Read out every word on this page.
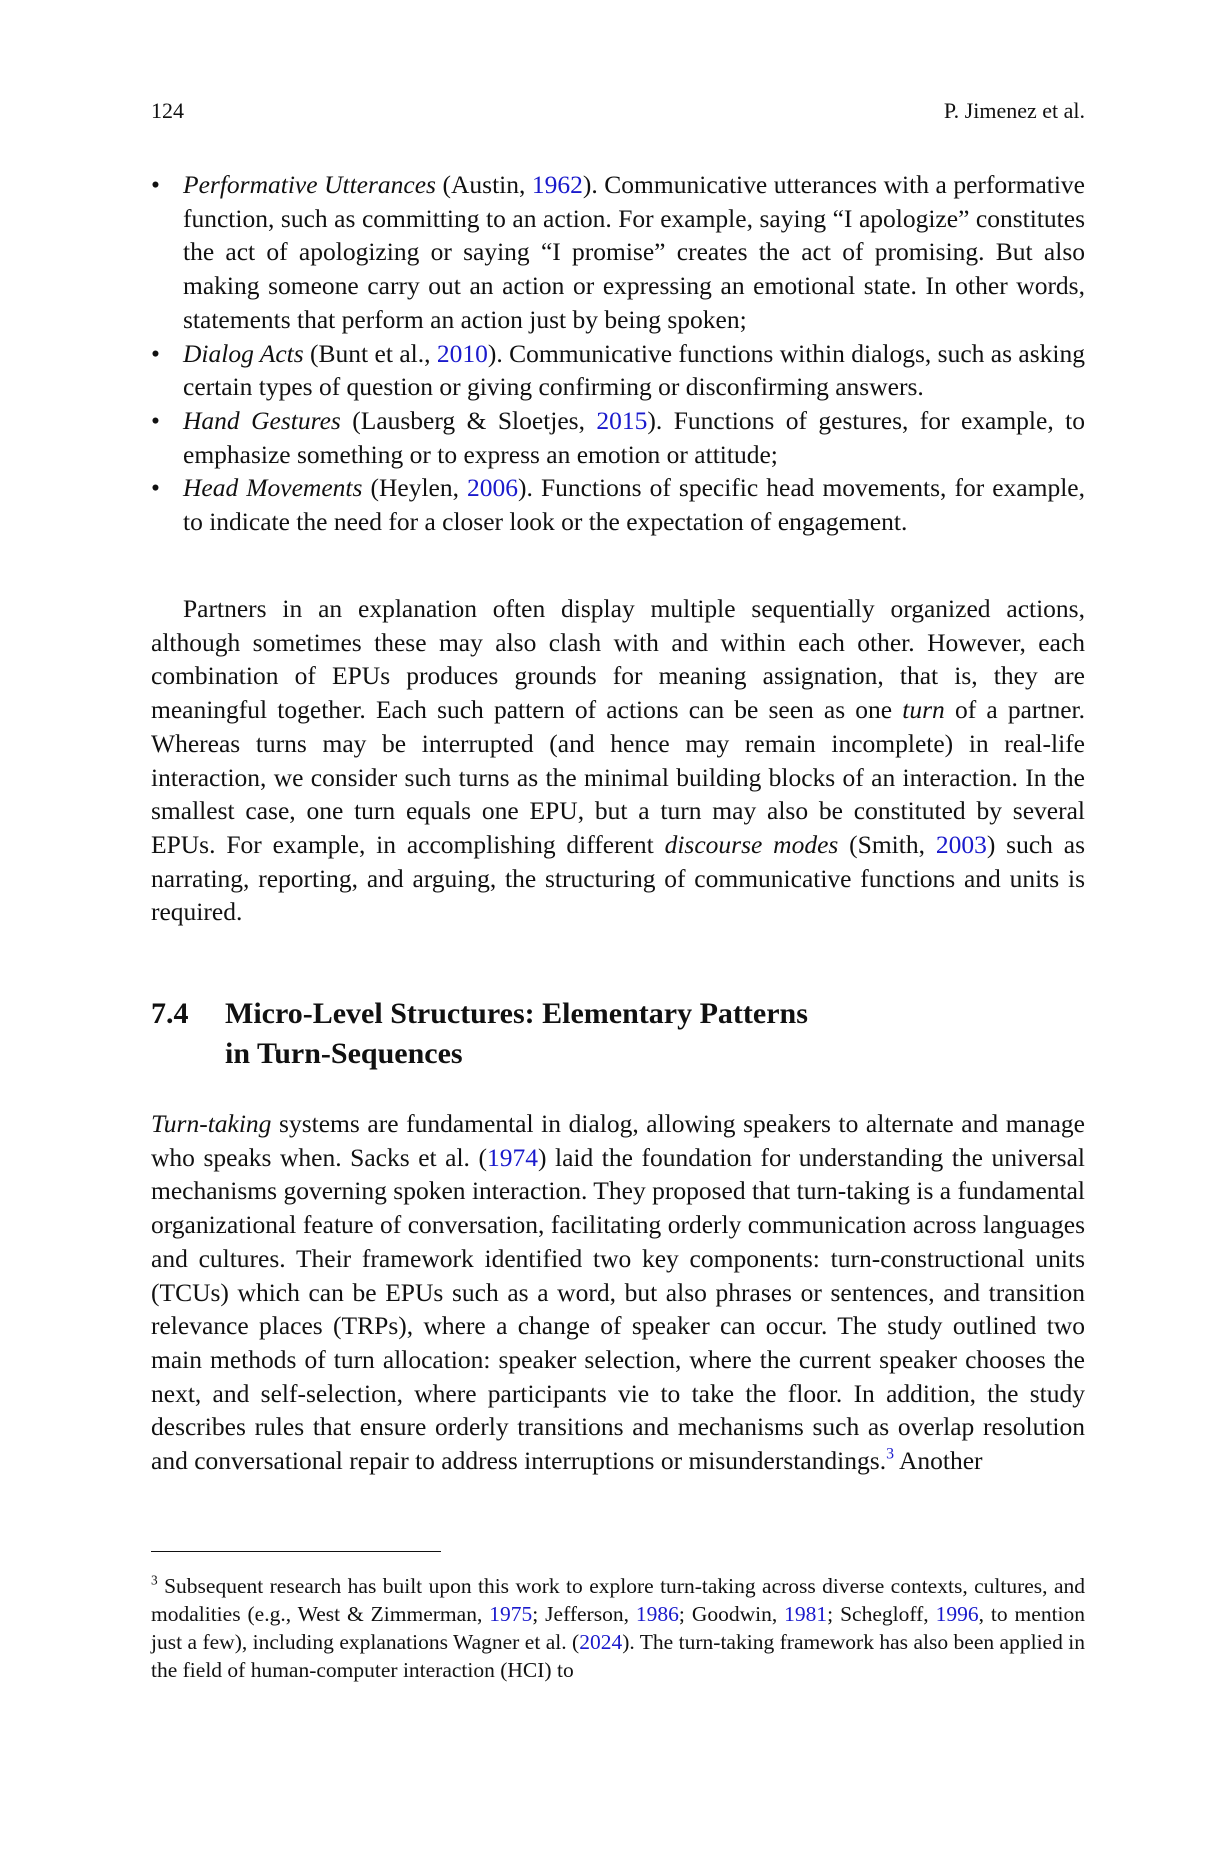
124	P. Jimenez et al.
• Performative Utterances (Austin, 1962). Communicative utterances with a performative function, such as committing to an action. For example, saying “I apologize” constitutes the act of apologizing or saying “I promise” creates the act of promising. But also making someone carry out an action or expressing an emotional state. In other words, statements that perform an action just by being spoken;
• Dialog Acts (Bunt et al., 2010). Communicative functions within dialogs, such as asking certain types of question or giving confirming or disconfirming answers.
• Hand Gestures (Lausberg & Sloetjes, 2015). Functions of gestures, for example, to emphasize something or to express an emotion or attitude;
• Head Movements (Heylen, 2006). Functions of specific head movements, for example, to indicate the need for a closer look or the expectation of engagement.

Partners in an explanation often display multiple sequentially organized actions, although sometimes these may also clash with and within each other. However, each combination of EPUs produces grounds for meaning assignation, that is, they are meaningful together. Each such pattern of actions can be seen as one turn of a partner. Whereas turns may be interrupted (and hence may remain incomplete) in real-life interaction, we consider such turns as the minimal building blocks of an interaction. In the smallest case, one turn equals one EPU, but a turn may also be constituted by several EPUs. For example, in accomplishing different discourse modes (Smith, 2003) such as narrating, reporting, and arguing, the structuring of communicative functions and units is required.

7.4	Micro-Level Structures: Elementary Patterns
in Turn-Sequences

Turn-taking systems are fundamental in dialog, allowing speakers to alternate and manage who speaks when. Sacks et al. (1974) laid the foundation for understanding the universal mechanisms governing spoken interaction. They proposed that turn-taking is a fundamental organizational feature of conversation, facilitating orderly communication across languages and cultures. Their framework identified two key components: turn-constructional units (TCUs) which can be EPUs such as a word, but also phrases or sentences, and transition relevance places (TRPs), where a change of speaker can occur. The study outlined two main methods of turn allocation: speaker selection, where the current speaker chooses the next, and self-selection, where participants vie to take the floor. In addition, the study describes rules that ensure orderly transitions and mechanisms such as overlap resolution and conversational repair to address interruptions or misunderstandings.$^3$ Another

$^3$ Subsequent research has built upon this work to explore turn-taking across diverse contexts, cultures, and modalities (e.g., West & Zimmerman, 1975; Jefferson, 1986; Goodwin, 1981; Schegloff, 1996, to mention just a few), including explanations Wagner et al. (2024). The turn-taking framework has also been applied in the field of human-computer interaction (HCI) to
